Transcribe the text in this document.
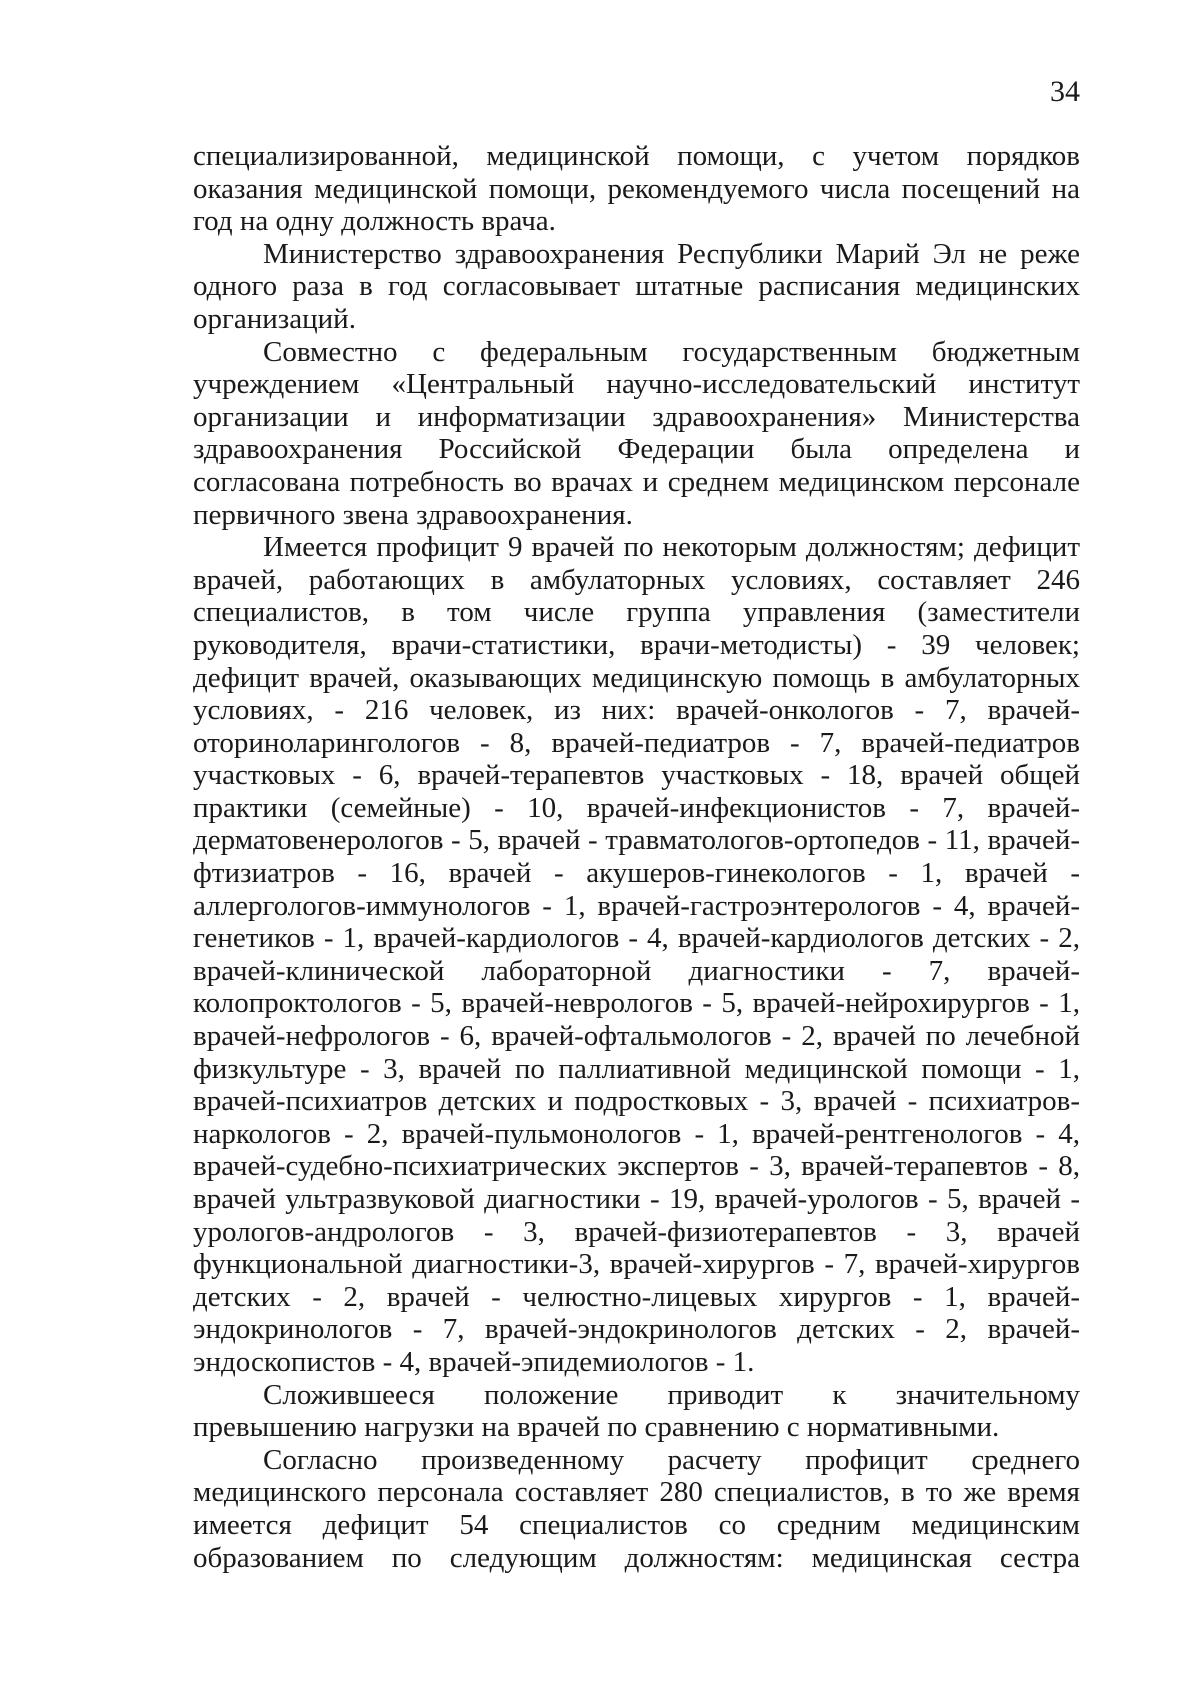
34

специализированной, медицинской помощи, с учетом порядков оказания медицинской помощи, рекомендуемого числа посещений на год на одну должность врача.

Министерство здравоохранения Республики Марий Эл не реже одного раза в год согласовывает штатные расписания медицинских организаций.

Совместно с федеральным государственным бюджетным учреждением «Центральный научно-исследовательский институт организации и информатизации здравоохранения» Министерства здравоохранения Российской Федерации была определена и согласована потребность во врачах и среднем медицинском персонале первичного звена здравоохранения.

Имеется профицит 9 врачей по некоторым должностям; дефицит врачей, работающих в амбулаторных условиях, составляет 246 специалистов, в том числе группа управления (заместители руководителя, врачи-статистики, врачи-методисты) - 39 человек; дефицит врачей, оказывающих медицинскую помощь в амбулаторных условиях, - 216 человек, из них: врачей-онкологов - 7, врачей-оториноларингологов - 8, врачей-педиатров - 7, врачей-педиатров участковых - 6, врачей-терапевтов участковых - 18, врачей общей практики (семейные) - 10, врачей-инфекционистов - 7, врачей-дерматовенерологов - 5, врачей - травматологов-ортопедов - 11, врачей-фтизиатров - 16, врачей - акушеров-гинекологов - 1, врачей - аллергологов-иммунологов - 1, врачей-гастроэнтерологов - 4, врачей-генетиков - 1, врачей-кардиологов - 4, врачей-кардиологов детских - 2, врачей-клинической лабораторной диагностики - 7, врачей-колопроктологов - 5, врачей-неврологов - 5, врачей-нейрохирургов - 1, врачей-нефрологов - 6, врачей-офтальмологов - 2, врачей по лечебной физкультуре - 3, врачей по паллиативной медицинской помощи - 1, врачей-психиатров детских и подростковых - 3, врачей - психиатров-наркологов - 2, врачей-пульмонологов - 1, врачей-рентгенологов - 4, врачей-судебно-психиатрических экспертов - 3, врачей-терапевтов - 8, врачей ультразвуковой диагностики - 19, врачей-урологов - 5, врачей - урологов-андрологов - 3, врачей-физиотерапевтов - 3, врачей функциональной диагностики-3, врачей-хирургов - 7, врачей-хирургов детских - 2, врачей - челюстно-лицевых хирургов - 1, врачей-эндокринологов - 7, врачей-эндокринологов детских - 2, врачей-эндоскопистов - 4, врачей-эпидемиологов - 1.

Сложившееся положение приводит к значительному превышению нагрузки на врачей по сравнению с нормативными.

Согласно произведенному расчету профицит среднего медицинского персонала составляет 280 специалистов, в то же время имеется дефицит 54 специалистов со средним медицинским образованием по следующим должностям: медицинская сестра
